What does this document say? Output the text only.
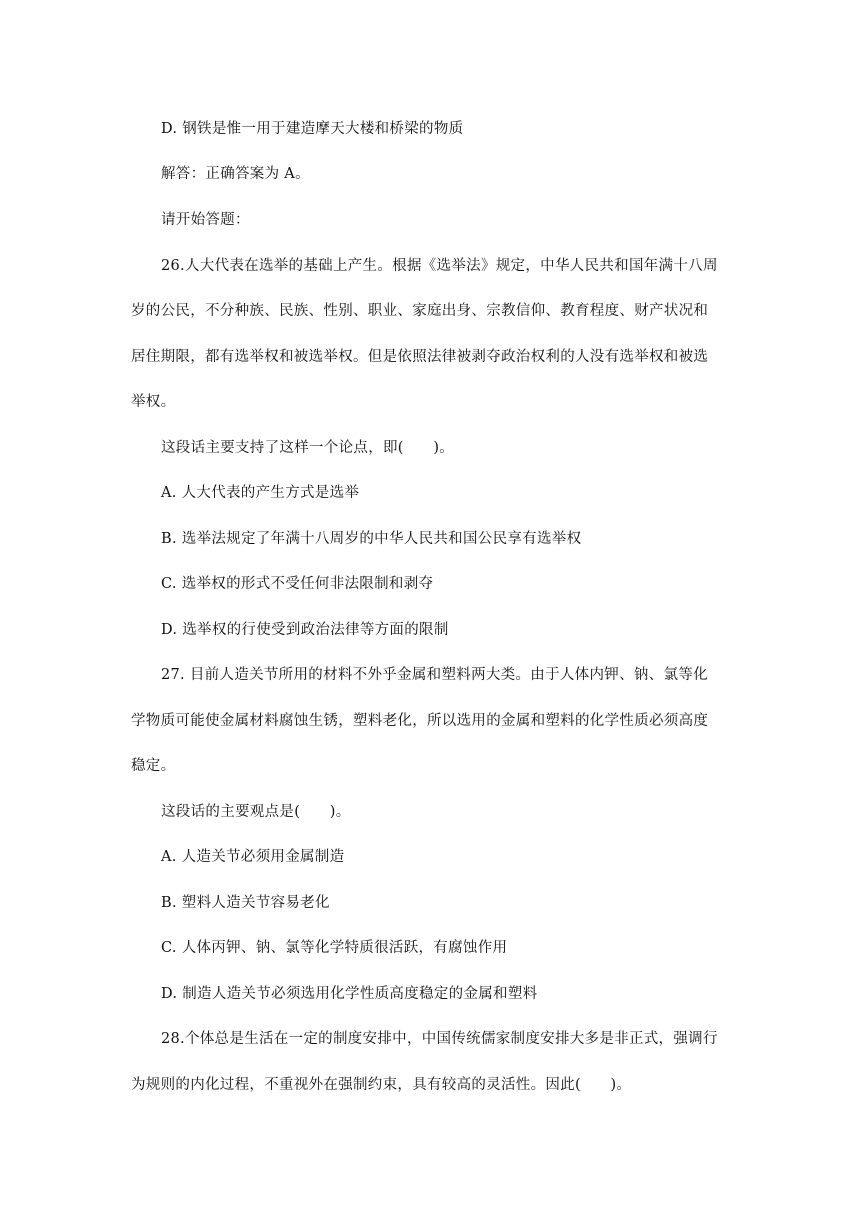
D. 钢铁是惟一用于建造摩天大楼和桥梁的物质
解答：正确答案为 A。
请开始答题：
26.人大代表在选举的基础上产生。根据《选举法》规定，中华人民共和国年满十八周
岁的公民，不分种族、民族、性别、职业、家庭出身、宗教信仰、教育程度、财产状况和
居住期限，都有选举权和被选举权。但是依照法律被剥夺政治权利的人没有选举权和被选
举权。
这段话主要支持了这样一个论点，即(　　)。
A. 人大代表的产生方式是选举
B. 选举法规定了年满十八周岁的中华人民共和国公民享有选举权
C. 选举权的形式不受任何非法限制和剥夺
D. 选举权的行使受到政治法律等方面的限制
27. 目前人造关节所用的材料不外乎金属和塑料两大类。由于人体内钾、钠、氯等化
学物质可能使金属材料腐蚀生锈，塑料老化，所以选用的金属和塑料的化学性质必须高度
稳定。
这段话的主要观点是(　　)。
A. 人造关节必须用金属制造
B. 塑料人造关节容易老化
C. 人体丙钾、钠、氯等化学特质很活跃，有腐蚀作用
D. 制造人造关节必须选用化学性质高度稳定的金属和塑料
28.个体总是生活在一定的制度安排中，中国传统儒家制度安排大多是非正式，强调行
为规则的内化过程，不重视外在强制约束，具有较高的灵活性。因此(　　)。
